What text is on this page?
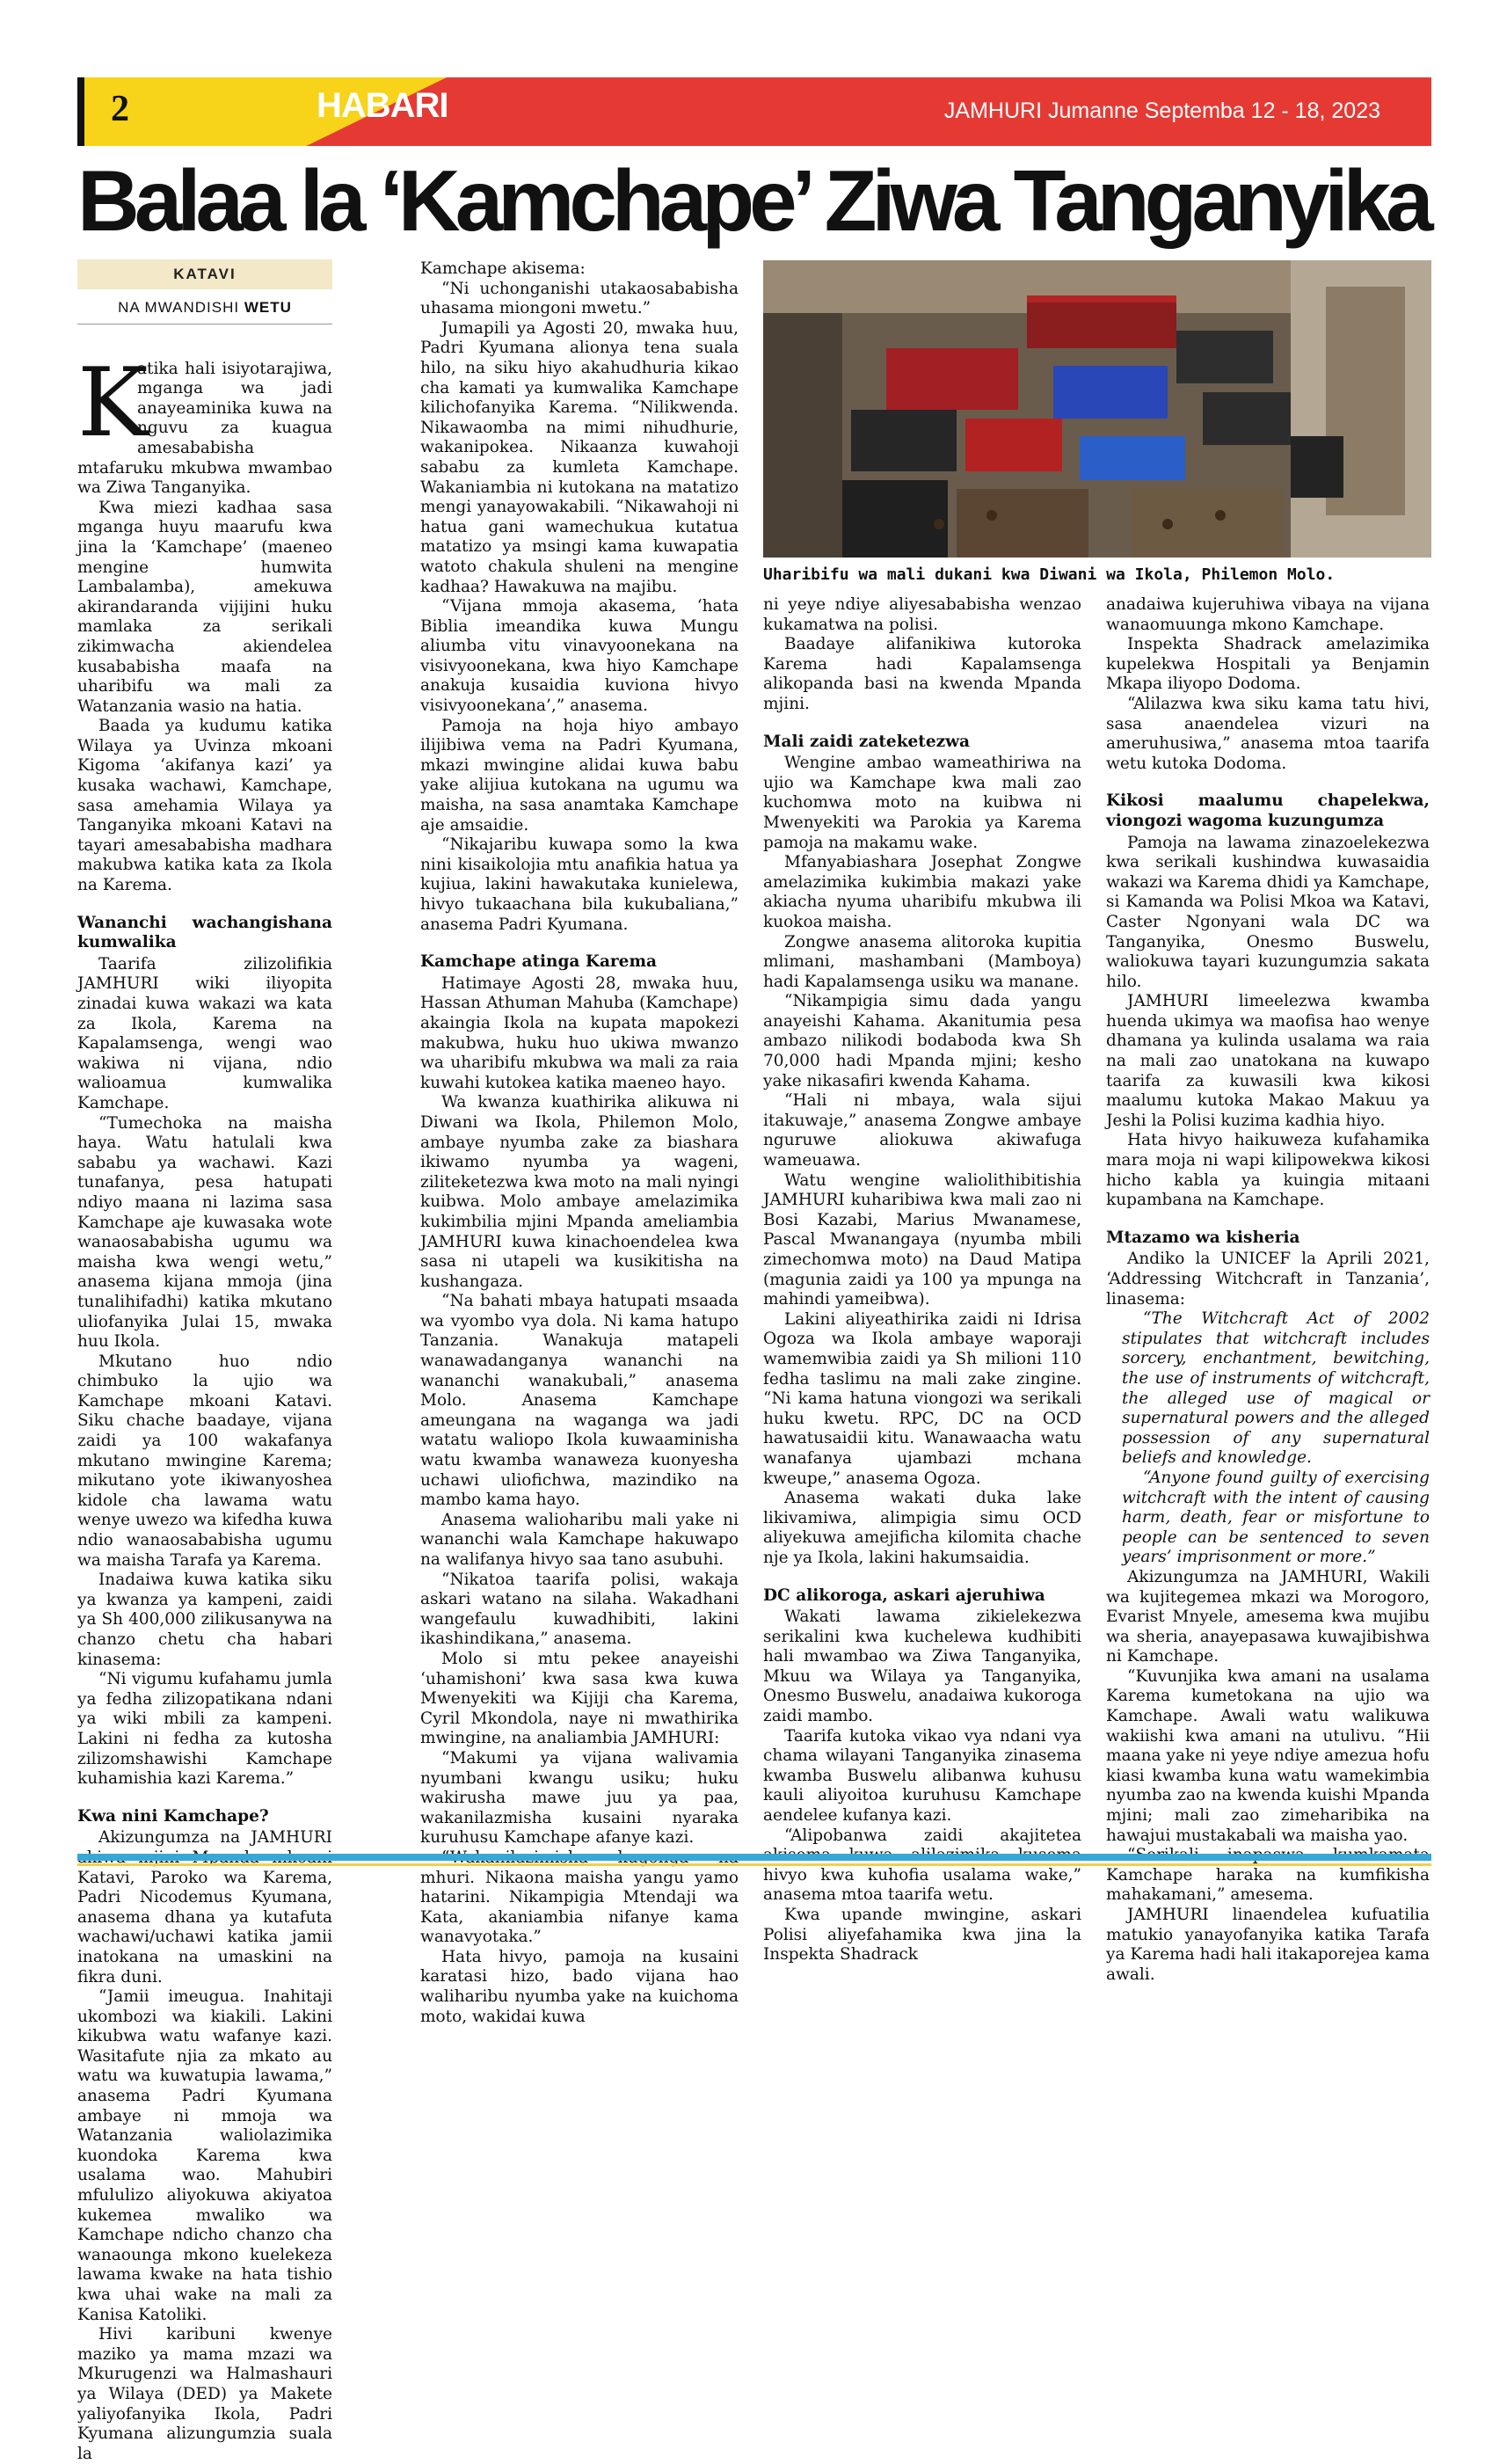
2	HABARI	JAMHURI Jumanne Septemba 12 - 18, 2023
Balaa la ‘Kamchape’ Ziwa Tanganyika
KATAVI
NA MWANDISHI WETU

K
atika hali isiyotarajiwa, mganga wa jadi anayeaminika kuwa na nguvu za kuagua amesababisha mtafaruku mkubwa mwambao wa Ziwa Tanganyika.

Kwa miezi kadhaa sasa mganga huyu maarufu kwa jina la ‘Kamchape’ (maeneo mengine humwita Lambalamba), amekuwa akirandaranda vijijini huku mamlaka za serikali zikimwacha akiendelea kusababisha maafa na uharibifu wa mali za Watanzania wasio na hatia.

Baada ya kudumu katika Wilaya ya Uvinza mkoani Kigoma ‘akifanya kazi’ ya kusaka wachawi, Kamchape, sasa amehamia Wilaya ya Tanganyika mkoani Katavi na tayari amesababisha madhara makubwa katika kata za Ikola na Karema.

Wananchi wachangishana kumwalika

Taarifa zilizolifikia JAMHURI wiki iliyopita zinadai kuwa wakazi wa kata za Ikola, Karema na Kapalamsenga, wengi wao wakiwa ni vijana, ndio walioamua kumwalika Kamchape.

“Tumechoka na maisha haya. Watu hatulali kwa sababu ya wachawi. Kazi tunafanya, pesa hatupati ndiyo maana ni lazima sasa Kamchape aje kuwasaka wote wanaosababisha ugumu wa maisha kwa wengi wetu,” anasema kijana mmoja (jina tunalihifadhi) katika mkutano uliofanyika Julai 15, mwaka huu Ikola.

Mkutano huo ndio chimbuko la ujio wa Kamchape mkoani Katavi. Siku chache baadaye, vijana zaidi ya 100 wakafanya mkutano mwingine Karema; mikutano yote ikiwanyoshea kidole cha lawama watu wenye uwezo wa kifedha kuwa ndio wanaosababisha ugumu wa maisha Tarafa ya Karema.

Inadaiwa kuwa katika siku ya kwanza ya kampeni, zaidi ya Sh 400,000 zilikusanywa na chanzo chetu cha habari kinasema:

“Ni vigumu kufahamu jumla ya fedha zilizopatikana ndani ya wiki mbili za kampeni. Lakini ni fedha za kutosha zilizomshawishi Kamchape kuhamishia kazi Karema.”

Kwa nini Kamchape?

Akizungumza na JAMHURI Katavi, Paroko wa Karema, Padri Nicodemus Kyumana, anasema dhana ya kutafuta wachawi/uchawi katika jamii inatokana na umaskini na fikra duni.

“Jamii imeugua. Inahitaji ukombozi wa kiakili. Lakini kikubwa watu wafanye kazi. Wasitafute njia za mkato au watu wa kuwatupia lawama,” anasema Padri Kyumana ambaye ni mmoja wa Watanzania waliolazimika kuondoka Karema kwa usalama wao. Mahubiri mfululizo aliyokuwa akiyatoa kukemea mwaliko wa Kamchape ndicho chanzo cha wanaounga mkono kuelekeza lawama kwake na hata tishio kwa uhai wake na mali za Kanisa Katoliki.

Hivi karibuni kwenye maziko ya mama mzazi wa Mkurugenzi wa Halmashauri ya Wilaya (DED) ya Makete yaliyofanyika Ikola, Padri Kyumana alizungumzia suala la

Kamchape akisema:

“Ni uchonganishi utakaosababisha uhasama miongoni mwetu.”

Jumapili ya Agosti 20, mwaka huu, Padri Kyumana alionya tena suala hilo, na siku hiyo akahudhuria kikao cha kamati ya kumwalika Kamchape kilichofanyika Karema. “Nilikwenda. Nikawaomba na mimi nihudhurie, wakanipokea. Nikaanza kuwahoji sababu za kumleta Kamchape. Wakaniambia ni kutokana na matatizo mengi yanayowakabili. “Nikawahoji ni hatua gani wamechukua kutatua matatizo ya msingi kama kuwapatia watoto chakula shuleni na mengine kadhaa? Hawakuwa na majibu.

“Vijana mmoja akasema, ‘hata Biblia imeandika kuwa Mungu aliumba vitu vinavyoonekana na visivyoonekana, kwa hiyo Kamchape anakuja kusaidia kuviona hivyo visivyoonekana’,” anasema.

Pamoja na hoja hiyo ambayo ilijibiwa vema na Padri Kyumana, mkazi mwingine alidai kuwa babu yake alijiua kutokana na ugumu wa maisha, na sasa anamtaka Kamchape aje amsaidie.

“Nikajaribu kuwapa somo la kwa nini kisaikolojia mtu anafikia hatua ya kujiua, lakini hawakutaka kunielewa, hivyo tukaachana bila kukubaliana,” anasema Padri Kyumana.

Kamchape atinga Karema

Hatimaye Agosti 28, mwaka huu, Hassan Athuman Mahuba (Kamchape) akaingia Ikola na kupata mapokezi makubwa, huku huo ukiwa mwanzo wa uharibifu mkubwa wa mali za raia kuwahi kutokea katika maeneo hayo.

Wa kwanza kuathirika alikuwa ni Diwani wa Ikola, Philemon Molo, ambaye nyumba zake za biashara ikiwamo nyumba ya wageni, ziliteketezwa kwa moto na mali nyingi kuibwa. Molo ambaye amelazimika kukimbilia mjini Mpanda ameliambia JAMHURI kuwa kinachoendelea kwa sasa ni utapeli wa kusikitisha na kushangaza.

“Na bahati mbaya hatupati msaada wa vyombo vya dola. Ni kama hatupo Tanzania. Wanakuja matapeli wanawadanganya wananchi na wananchi wanakubali,” anasema Molo. Anasema Kamchape ameungana na waganga wa jadi watatu waliopo Ikola kuwaaminisha watu kwamba wanaweza kuonyesha uchawi uliofichwa, mazindiko na mambo kama hayo.

Anasema walioharibu mali yake ni wananchi wala Kamchape hakuwapo na walifanya hivyo saa tano asubuhi.

“Nikatoa taarifa polisi, wakaja askari watano na silaha. Wakadhani wangefaulu kuwadhibiti, lakini ikashindikana,” anasema.

Molo si mtu pekee anayeishi ‘uhamishoni’ kwa sasa kwa kuwa Mwenyekiti wa Kijiji cha Karema, Cyril Mkondola, naye ni mwathirika mwingine, na analiambia JAMHURI:

“Makumi ya vijana walivamia nyumbani kwangu usiku; huku wakirusha mawe juu ya paa, wakanilazmisha kusaini nyaraka kuruhusu Kamchape afanye kazi.

mhuri. Nikaona maisha yangu yamo hatarini. Nikampigia Mtendaji wa Kata, akaniambia nifanye kama wanavyotaka.”

Hata hivyo, pamoja na kusaini karatasi hizo, bado vijana hao waliharibu nyumba yake na kuichoma moto, wakidai kuwa

Uharibifu wa mali dukani kwa Diwani wa Ikola, Philemon Molo.

ni yeye ndiye aliyesababisha wenzao kukamatwa na polisi.

Baadaye alifanikiwa kutoroka Karema hadi Kapalamsenga alikopanda basi na kwenda Mpanda mjini.

Mali zaidi zateketezwa

Wengine ambao wameathiriwa na ujio wa Kamchape kwa mali zao kuchomwa moto na kuibwa ni Mwenyekiti wa Parokia ya Karema pamoja na makamu wake.

Mfanyabiashara Josephat Zongwe amelazimika kukimbia makazi yake akiacha nyuma uharibifu mkubwa ili kuokoa maisha.

Zongwe anasema alitoroka kupitia mlimani, mashambani (Mamboya) hadi Kapalamsenga usiku wa manane.

“Nikampigia simu dada yangu anayeishi Kahama. Akanitumia pesa ambazo nilikodi bodaboda kwa Sh 70,000 hadi Mpanda mjini; kesho yake nikasafiri kwenda Kahama.

“Hali ni mbaya, wala sijui itakuwaje,” anasema Zongwe ambaye nguruwe aliokuwa akiwafuga wameuawa.

Watu wengine waliolithibitishia JAMHURI kuharibiwa kwa mali zao ni Bosi Kazabi, Marius Mwanamese, Pascal Mwanangaya (nyumba mbili zimechomwa moto) na Daud Matipa (magunia zaidi ya 100 ya mpunga na mahindi yameibwa).

Lakini aliyeathirika zaidi ni Idrisa Ogoza wa Ikola ambaye waporaji wamemwibia zaidi ya Sh milioni 110 fedha taslimu na mali zake zingine. “Ni kama hatuna viongozi wa serikali huku kwetu. RPC, DC na OCD hawatusaidii kitu. Wanawaacha watu wanafanya ujambazi mchana kweupe,” anasema Ogoza.

Anasema wakati duka lake likivamiwa, alimpigia simu OCD aliyekuwa amejificha kilomita chache nje ya Ikola, lakini hakumsaidia.

DC alikoroga, askari ajeruhiwa

Wakati lawama zikielekezwa serikalini kwa kuchelewa kudhibiti hali mwambao wa Ziwa Tanganyika, Mkuu wa Wilaya ya Tanganyika, Onesmo Buswelu, anadaiwa kukoroga zaidi mambo.

Taarifa kutoka vikao vya ndani vya chama wilayani Tanganyika zinasema kwamba Buswelu alibanwa kuhusu kauli aliyoitoa kuruhusu Kamchape aendelee kufanya kazi.

“Alipobanwa zaidi akajitetea hivyo kwa kuhofia usalama wake,” anasema mtoa taarifa wetu.

Kwa upande mwingine, askari Polisi aliyefahamika kwa jina la Inspekta Shadrack

anadaiwa kujeruhiwa vibaya na vijana wanaomuunga mkono Kamchape.

Inspekta Shadrack amelazimika kupelekwa Hospitali ya Benjamin Mkapa iliyopo Dodoma.

“Alilazwa kwa siku kama tatu hivi, sasa anaendelea vizuri na ameruhusiwa,” anasema mtoa taarifa wetu kutoka Dodoma.

Kikosi maalumu chapelekwa, viongozi wagoma kuzungumza

Pamoja na lawama zinazoelekezwa kwa serikali kushindwa kuwasaidia wakazi wa Karema dhidi ya Kamchape, si Kamanda wa Polisi Mkoa wa Katavi, Caster Ngonyani wala DC wa Tanganyika, Onesmo Buswelu, waliokuwa tayari kuzungumzia sakata hilo.

JAMHURI limeelezwa kwamba huenda ukimya wa maofisa hao wenye dhamana ya kulinda usalama wa raia na mali zao unatokana na kuwapo taarifa za kuwasili kwa kikosi maalumu kutoka Makao Makuu ya Jeshi la Polisi kuzima kadhia hiyo.

Hata hivyo haikuweza kufahamika mara moja ni wapi kilipowekwa kikosi hicho kabla ya kuingia mitaani kupambana na Kamchape.

Mtazamo wa kisheria

Andiko la UNICEF la Aprili 2021, ‘Addressing Witchcraft in Tanzania’, linasema:

“The Witchcraft Act of 2002 stipulates that witchcraft includes sorcery, enchantment, bewitching, the use of instruments of witchcraft, the alleged use of magical or supernatural powers and the alleged possession of any supernatural beliefs and knowledge.

“Anyone found guilty of exercising witchcraft with the intent of causing harm, death, fear or misfortune to people can be sentenced to seven years’ imprisonment or more.”

Akizungumza na JAMHURI, Wakili wa kujitegemea mkazi wa Morogoro, Evarist Mnyele, amesema kwa mujibu wa sheria, anayepasawa kuwajibishwa ni Kamchape.

“Kuvunjika kwa amani na usalama Karema kumetokana na ujio wa Kamchape. Awali watu walikuwa wakiishi kwa amani na utulivu. “Hii maana yake ni yeye ndiye amezua hofu kiasi kwamba kuna watu wamekimbia nyumba zao na kwenda kuishi Mpanda mjini; mali zao zimeharibika na hawajui mustakabali wa maisha yao.

Kamchape haraka na kumfikisha mahakamani,” amesema.

JAMHURI linaendelea kufuatilia matukio yanayofanyika katika Tarafa ya Karema hadi hali itakaporejea kama awali.
